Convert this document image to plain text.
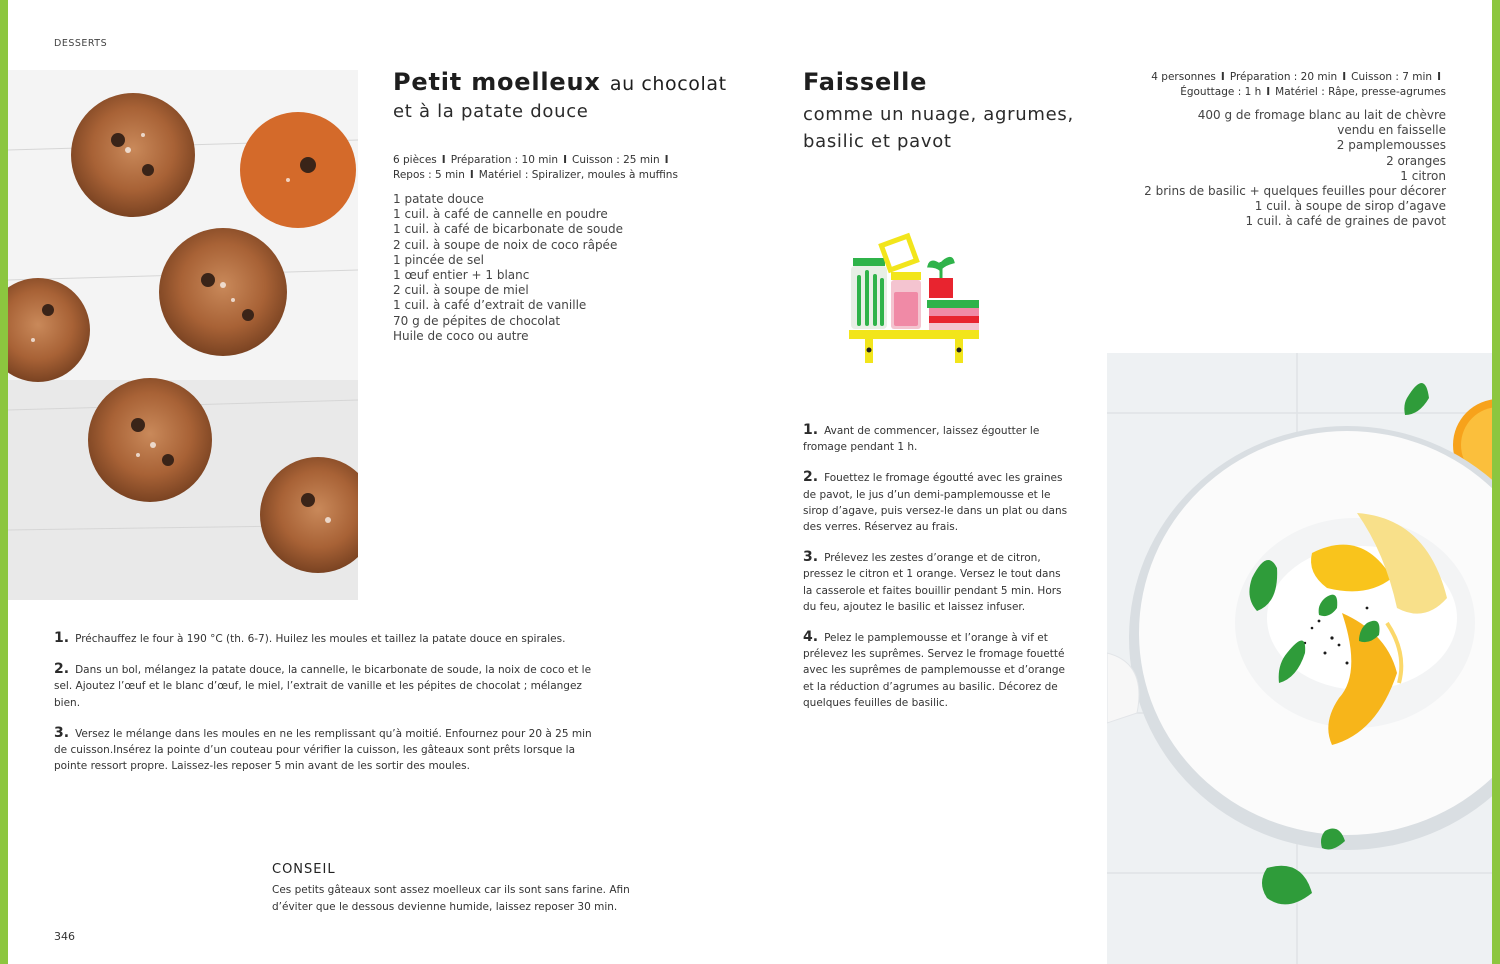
DESSERTS
Petit moelleux au chocolat
et à la patate douce
6 pièces I Préparation : 10 min I Cuisson : 25 min I
Repos : 5 min I Matériel : Spiralizer, moules à muffins
1 patate douce
1 cuil. à café de cannelle en poudre
1 cuil. à café de bicarbonate de soude
2 cuil. à soupe de noix de coco râpée
1 pincée de sel
1 œuf entier + 1 blanc
2 cuil. à soupe de miel
1 cuil. à café d’extrait de vanille
70 g de pépites de chocolat
Huile de coco ou autre
1. Préchauffez le four à 190 °C (th. 6-7). Huilez les moules et taillez la patate douce en spirales.
2. Dans un bol, mélangez la patate douce, la cannelle, le bicarbonate de soude, la noix de coco et le sel. Ajoutez l’œuf et le blanc d’œuf, le miel, l’extrait de vanille et les pépites de chocolat ; mélangez bien.
3. Versez le mélange dans les moules en ne les remplissant qu’à moitié. Enfournez pour 20 à 25 min de cuisson.Insérez la pointe d’un couteau pour vérifier la cuisson, les gâteaux sont prêts lorsque la pointe ressort propre. Laissez-les reposer 5 min avant de les sortir des moules.
CONSEIL
Ces petits gâteaux sont assez moelleux car ils sont sans farine. Afin d’éviter que le dessous devienne humide, laissez reposer 30 min.
346
Faisselle
comme un nuage, agrumes, basilic et pavot
4 personnes I Préparation : 20 min I Cuisson : 7 min I
Égouttage : 1 h I Matériel : Râpe, presse-agrumes
400 g de fromage blanc au lait de chèvre
vendu en faisselle
2 pamplemousses
2 oranges
1 citron
2 brins de basilic + quelques feuilles pour décorer
1 cuil. à soupe de sirop d’agave
1 cuil. à café de graines de pavot
1. Avant de commencer, laissez égoutter le fromage pendant 1 h.
2. Fouettez le fromage égoutté avec les graines de pavot, le jus d’un demi-pamplemousse et le sirop d’agave, puis versez-le dans un plat ou dans des verres. Réservez au frais.
3. Prélevez les zestes d’orange et de citron, pressez le citron et 1 orange. Versez le tout dans la casserole et faites bouillir pendant 5 min. Hors du feu, ajoutez le basilic et laissez infuser.
4. Pelez le pamplemousse et l’orange à vif et prélevez les suprêmes. Servez le fromage fouetté avec les suprêmes de pamplemousse et d’orange et la réduction d’agrumes au basilic. Décorez de quelques feuilles de basilic.
